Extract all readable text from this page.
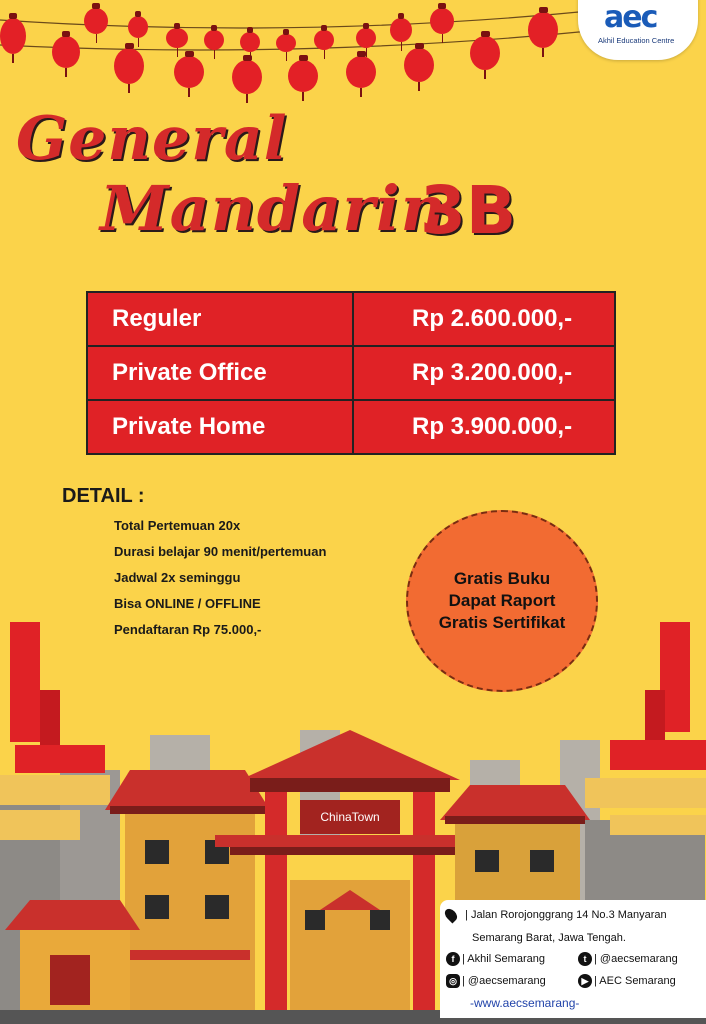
aec
Akhil Education Centre
General
Mandarin
3B
Reguler	Rp 2.600.000,-
Private Office	Rp 3.200.000,-
Private Home	Rp 3.900.000,-
DETAIL :
Total Pertemuan 20x
Durasi belajar 90 menit/pertemuan
Jadwal 2x seminggu
Bisa ONLINE / OFFLINE
Pendaftaran Rp 75.000,-
Gratis Buku
Dapat Raport
Gratis Sertifikat
ChinaTown
| Jalan Rorojonggrang 14 No.3 Manyaran
Semarang Barat, Jawa Tengah.
f | Akhil Semarang	t | @aecsemarang
◎ | @aecsemarang	▶ | AEC Semarang
-www.aecsemarang-
